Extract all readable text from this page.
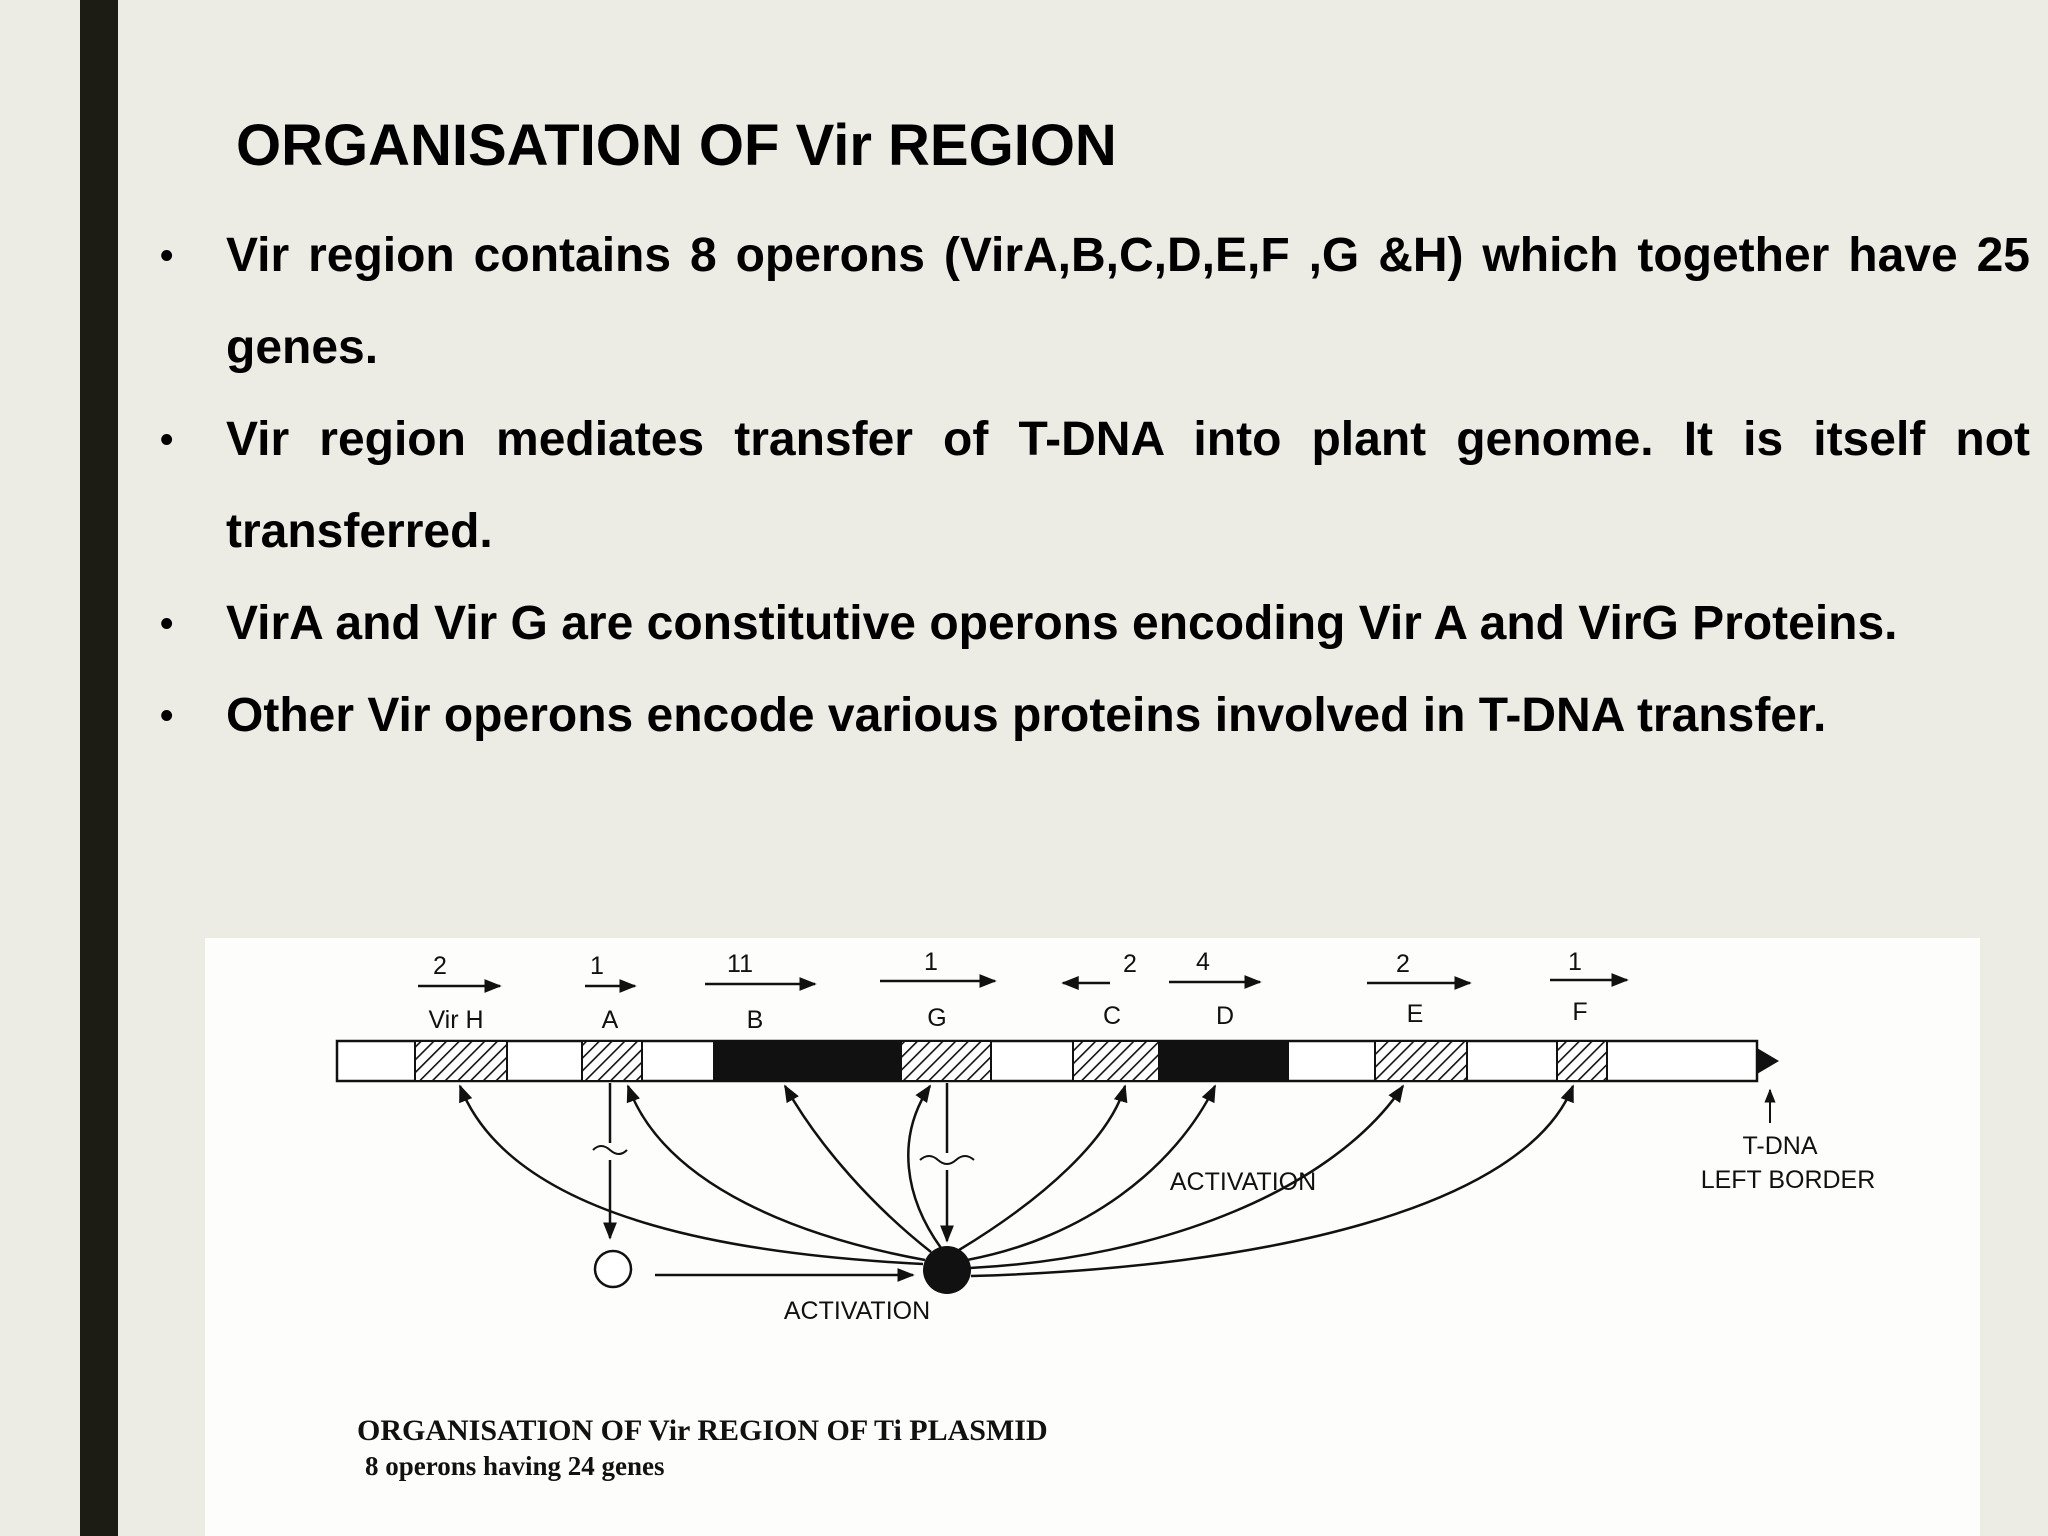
ORGANISATION OF Vir REGION
• Vir region contains 8 operons (VirA,B,C,D,E,F ,G &H) which together have 25 genes.
• Vir region mediates transfer of T-DNA into plant genome. It is itself not transferred.
• VirA and Vir G are constitutive operons encoding Vir A and VirG Proteins.
• Other Vir operons encode various proteins involved in T-DNA transfer.
2
Vir H
1
A
11
B
1
G
2
C
4
D
2
E
1
F
T-DNA
LEFT BORDER
ACTIVATION
ACTIVATION
ORGANISATION OF Vir REGION OF Ti PLASMID
8 operons having 24 genes
